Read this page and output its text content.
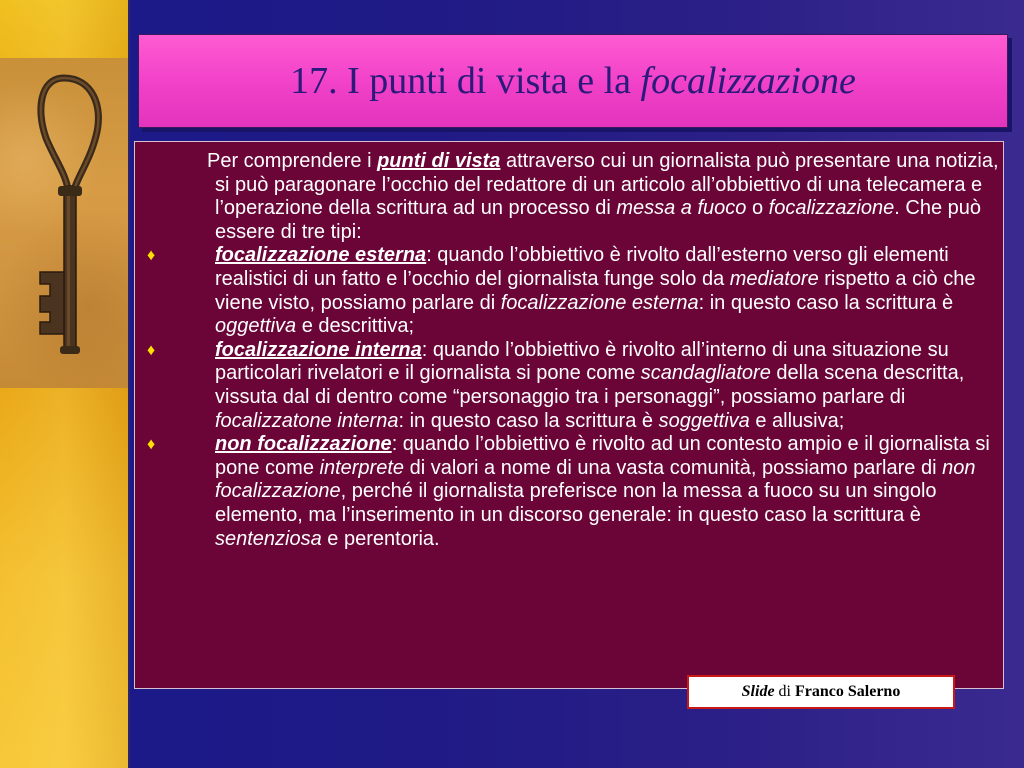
17. I punti di vista e la focalizzazione
Per comprendere i punti di vista attraverso cui un giornalista può presentare una notizia, si può paragonare l’occhio del redattore di un articolo all’obbiettivo di una telecamera e l’operazione della scrittura ad un processo di messa a fuoco o focalizzazione. Che può essere di tre tipi:
♦	focalizzazione esterna: quando l’obbiettivo è rivolto dall’esterno verso gli elementi realistici di un fatto e l’occhio del giornalista funge solo da mediatore rispetto a ciò che viene visto, possiamo parlare di focalizzazione esterna: in questo caso la scrittura è oggettiva e descrittiva;
♦	focalizzazione interna: quando l’obbiettivo è rivolto all’interno di una situazione su particolari rivelatori e il giornalista si pone come scandagliatore della scena descritta, vissuta dal di dentro come “personaggio tra i personaggi”, possiamo parlare di focalizzatone interna: in questo caso la scrittura è soggettiva e allusiva;
♦	non focalizzazione: quando l’obbiettivo è rivolto ad un contesto ampio e il giornalista si pone come interprete di valori a nome di una vasta comunità, possiamo parlare di non focalizzazione, perché il giornalista preferisce non la messa a fuoco su un singolo elemento, ma l’inserimento in un discorso generale: in questo caso la scrittura è sentenziosa e perentoria.
Slide di Franco Salerno
